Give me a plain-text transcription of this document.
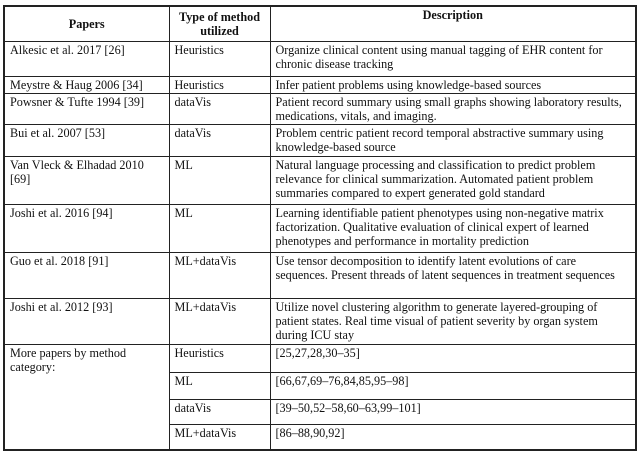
Papers	Type of method utilized	Description
Alkesic et al. 2017 [26]	Heuristics	Organize clinical content using manual tagging of EHR content for chronic disease tracking
Meystre & Haug 2006 [34]	Heuristics	Infer patient problems using knowledge-based sources
Powsner & Tufte 1994 [39]	dataVis	Patient record summary using small graphs showing laboratory results, medications, vitals, and imaging.
Bui et al. 2007 [53]	dataVis	Problem centric patient record temporal abstractive summary using knowledge-based source
Van Vleck & Elhadad 2010 [69]	ML	Natural language processing and classification to predict problem relevance for clinical summarization. Automated patient problem summaries compared to expert generated gold standard
Joshi et al. 2016 [94]	ML	Learning identifiable patient phenotypes using non-negative matrix factorization. Qualitative evaluation of clinical expert of learned phenotypes and performance in mortality prediction
Guo et al. 2018 [91]	ML+dataVis	Use tensor decomposition to identify latent evolutions of care sequences. Present threads of latent sequences in treatment sequences
Joshi et al. 2012 [93]	ML+dataVis	Utilize novel clustering algorithm to generate layered-grouping of patient states. Real time visual of patient severity by organ system during ICU stay
More papers by method category:	Heuristics	[25,27,28,30–35]
	ML	[66,67,69–76,84,85,95–98]
	dataVis	[39–50,52–58,60–63,99–101]
	ML+dataVis	[86–88,90,92]
